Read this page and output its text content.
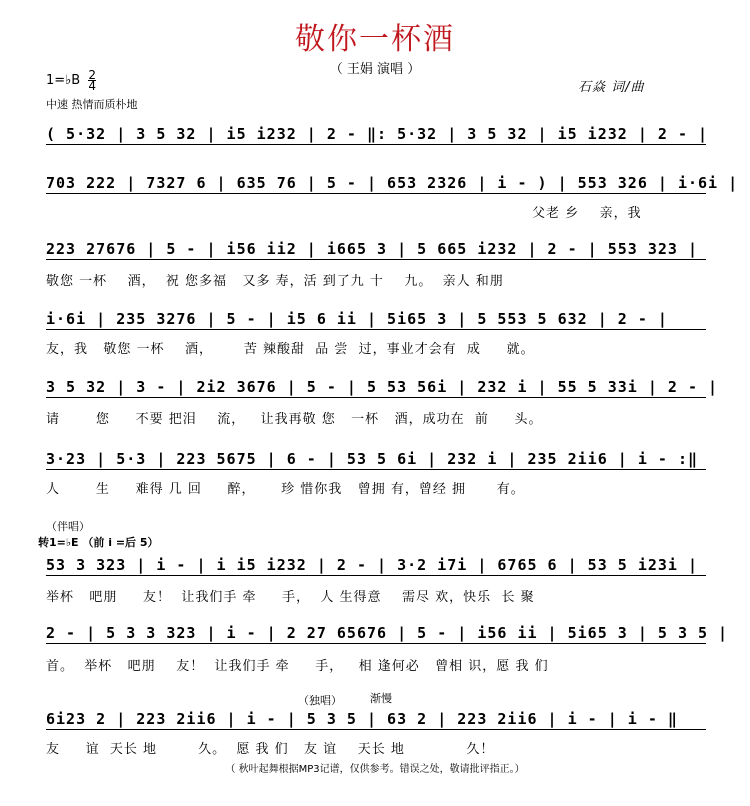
敬你一杯酒
（ 王娟 演唱 ）
1=♭B $\frac{2}{4}$
中速 热情而质朴地
石焱 词/曲
( 5·32 | 3 5 32 | i5 i232 | 2 - ‖: 5·32 | 3 5 32 | i5 i232 | 2 - |
703 222 | 7327 6 | 635 76 | 5 - | 653 2326 | i - ) | 553 326 | i·6i |
父老 乡    亲，我
223 27676 | 5 - | i56 ii2 | i665 3 | 5 665 i232 | 2 - | 553 323 |
敬您 一杯    酒，  祝 您多福   又多 寿，活 到了九 十    九。  亲人 和朋
i·6i | 235 3276 | 5 - | i5 6 ii | 5i65 3 | 5 553 5 632 | 2 - |
友，我   敬您 一杯    酒，      苦 辣酸甜  品 尝  过，事业才会有  成     就。
3 5 32 | 3 - | 2i2 3676 | 5 - | 5 53 56i | 232 i | 55 5 33i | 2 - |
请       您     不要 把泪    流，   让我再敬 您   一杯   酒，成功在  前     头。
3·23 | 5·3 | 223 5675 | 6 - | 53 5 6i | 232 i | 235 2ii6 | i - :‖
人       生     难得 几 回     醉，     珍 惜你我   曾拥 有，曾经 拥      有。
（伴唱）
转1=♭E （前 i =后 5）
53 3 323 | i - | i i5 i232 | 2 - | 3·2 i7i | 6765 6 | 53 5 i23i |
举杯   吧朋     友！  让我们手 牵     手，  人 生得意    需尽 欢，快乐  长 聚
2 - | 5 3 3 323 | i - | 2 27 65676 | 5 - | i56 ii | 5i65 3 | 5 3 5 |
首。  举杯   吧朋    友！  让我们手 牵     手，   相 逢何必   曾相 识，愿 我 们
（独唱）	渐慢
6i23 2 | 223 2ii6 | i - | 5 3 5 | 63 2 | 223 2ii6 | i - | i - ‖
友     谊  天长 地        久。  愿 我 们   友 谊    天长 地            久！
（ 秋叶起舞根据MP3记谱，仅供参考。错误之处，敬请批评指正。）
